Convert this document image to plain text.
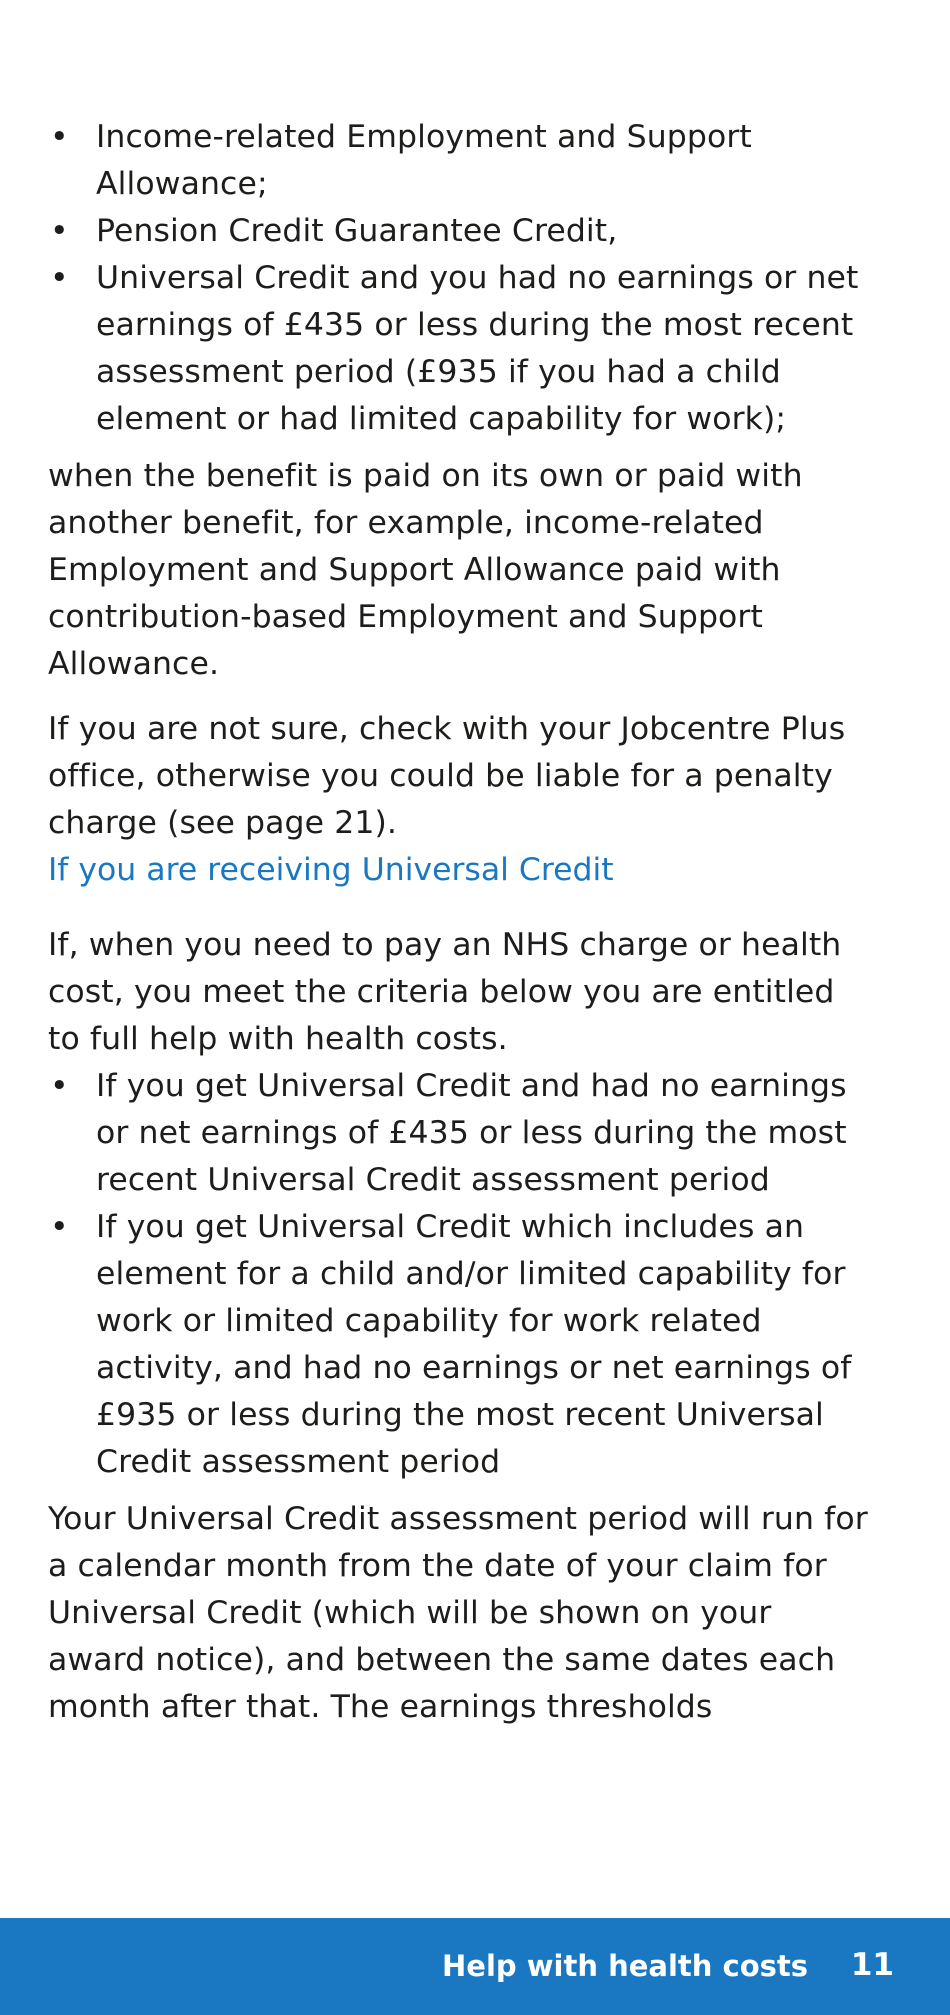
• Income-related Employment and Support Allowance;
• Pension Credit Guarantee Credit,
• Universal Credit and you had no earnings or net earnings of £435 or less during the most recent assessment period (£935 if you had a child element or had limited capability for work);

when the benefit is paid on its own or paid with another benefit, for example, income-related Employment and Support Allowance paid with contribution-based Employment and Support Allowance.

If you are not sure, check with your Jobcentre Plus office, otherwise you could be liable for a penalty charge (see page 21).

If you are receiving Universal Credit

If, when you need to pay an NHS charge or health cost, you meet the criteria below you are entitled to full help with health costs.

• If you get Universal Credit and had no earnings or net earnings of £435 or less during the most recent Universal Credit assessment period
• If you get Universal Credit which includes an element for a child and/or limited capability for work or limited capability for work related activity, and had no earnings or net earnings of £935 or less during the most recent Universal Credit assessment period

Your Universal Credit assessment period will run for a calendar month from the date of your claim for Universal Credit (which will be shown on your award notice), and between the same dates each month after that. The earnings thresholds

Help with health costs 11
